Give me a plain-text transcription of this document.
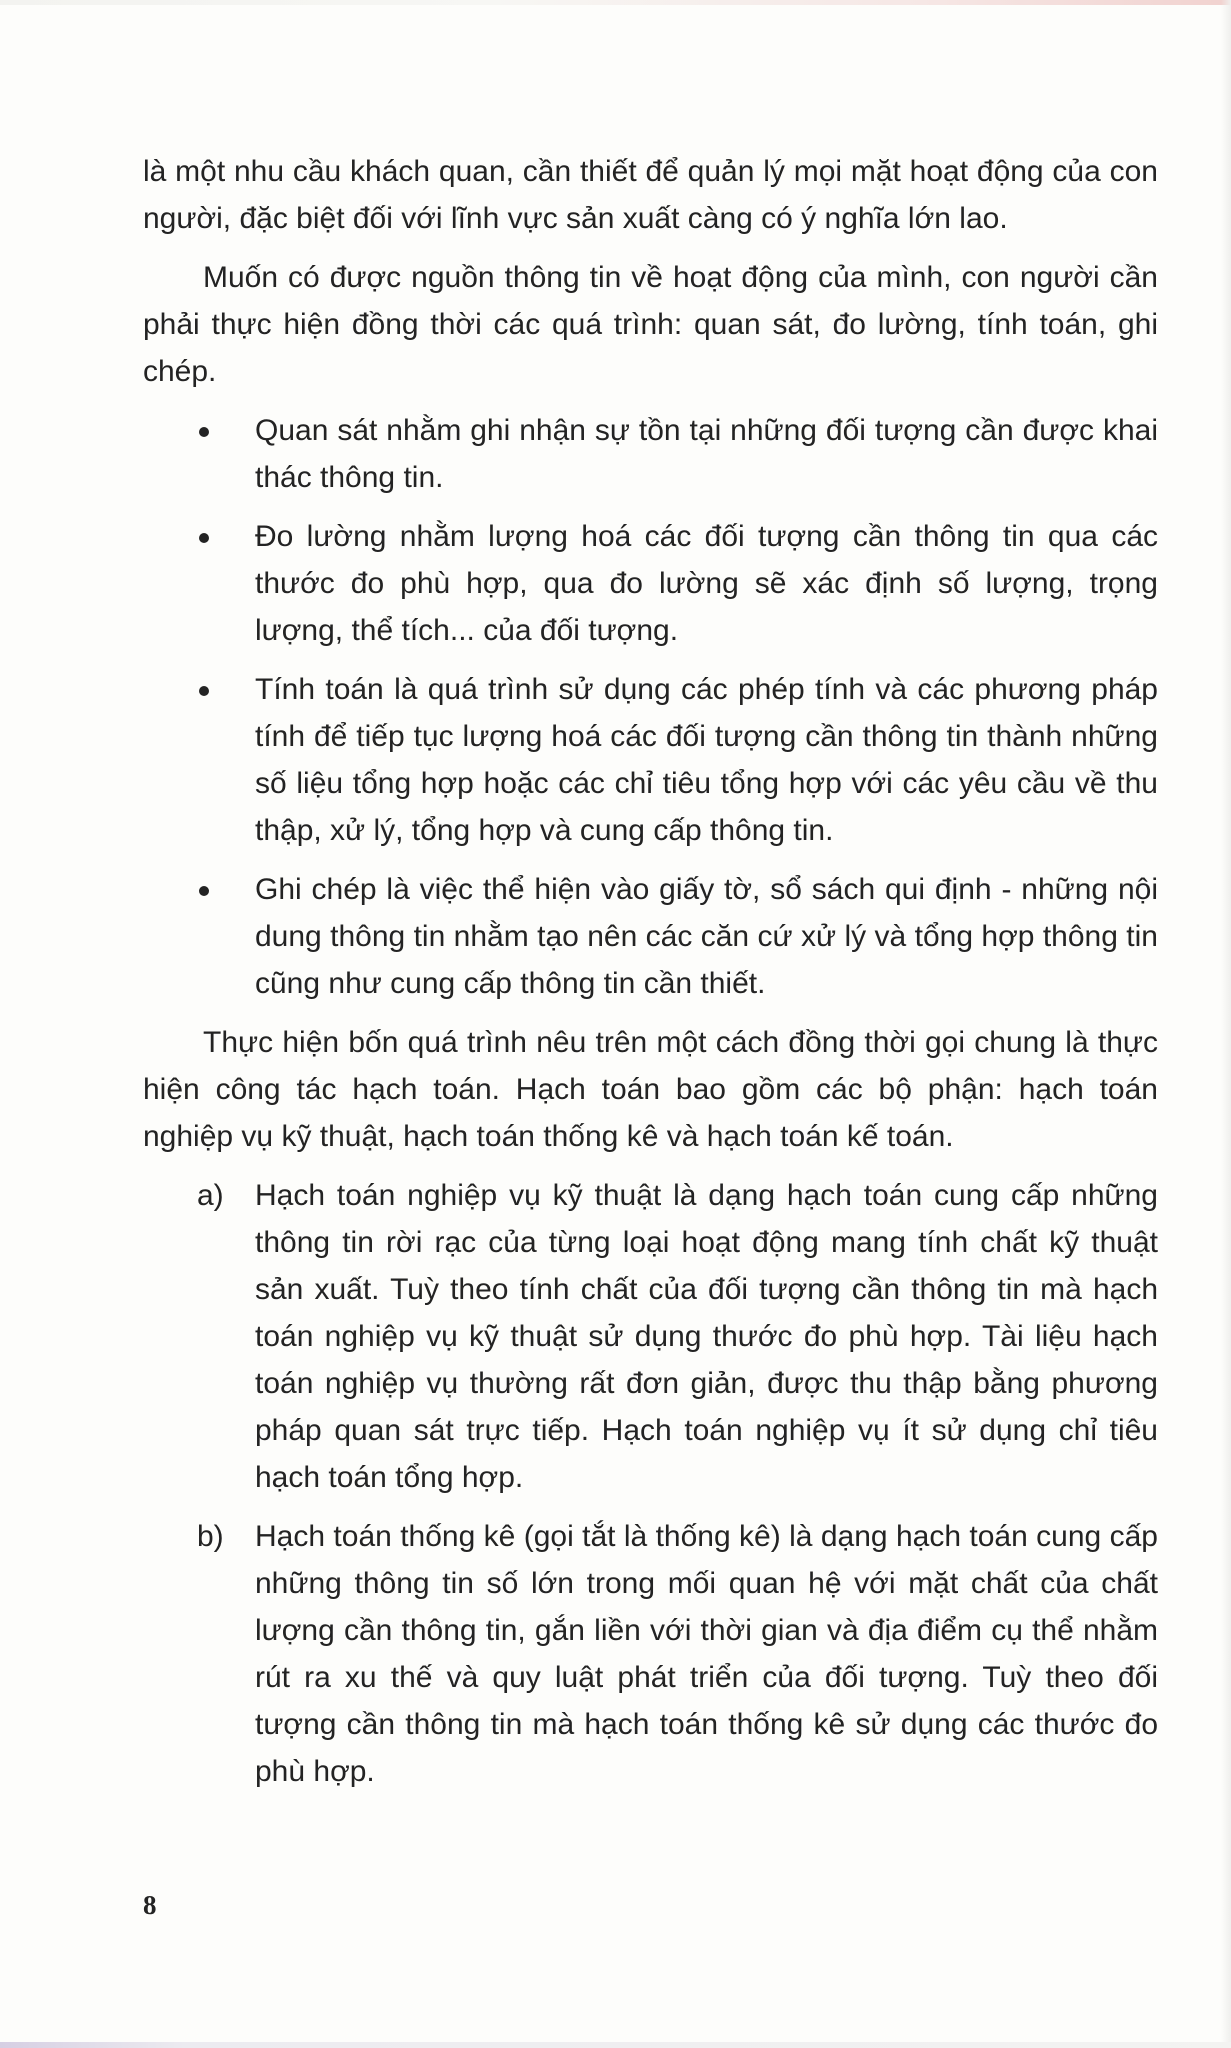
là một nhu cầu khách quan, cần thiết để quản lý mọi mặt hoạt động của con người, đặc biệt đối với lĩnh vực sản xuất càng có ý nghĩa lớn lao.

Muốn có được nguồn thông tin về hoạt động của mình, con người cần phải thực hiện đồng thời các quá trình: quan sát, đo lường, tính toán, ghi chép.

Quan sát nhằm ghi nhận sự tồn tại những đối tượng cần được khai thác thông tin.

Đo lường nhằm lượng hoá các đối tượng cần thông tin qua các thước đo phù hợp, qua đo lường sẽ xác định số lượng, trọng lượng, thể tích... của đối tượng.

Tính toán là quá trình sử dụng các phép tính và các phương pháp tính để tiếp tục lượng hoá các đối tượng cần thông tin thành những số liệu tổng hợp hoặc các chỉ tiêu tổng hợp với các yêu cầu về thu thập, xử lý, tổng hợp và cung cấp thông tin.

Ghi chép là việc thể hiện vào giấy tờ, sổ sách qui định - những nội dung thông tin nhằm tạo nên các căn cứ xử lý và tổng hợp thông tin cũng như cung cấp thông tin cần thiết.

Thực hiện bốn quá trình nêu trên một cách đồng thời gọi chung là thực hiện công tác hạch toán. Hạch toán bao gồm các bộ phận: hạch toán nghiệp vụ kỹ thuật, hạch toán thống kê và hạch toán kế toán.

a) Hạch toán nghiệp vụ kỹ thuật là dạng hạch toán cung cấp những thông tin rời rạc của từng loại hoạt động mang tính chất kỹ thuật sản xuất. Tuỳ theo tính chất của đối tượng cần thông tin mà hạch toán nghiệp vụ kỹ thuật sử dụng thước đo phù hợp. Tài liệu hạch toán nghiệp vụ thường rất đơn giản, được thu thập bằng phương pháp quan sát trực tiếp. Hạch toán nghiệp vụ ít sử dụng chỉ tiêu hạch toán tổng hợp.

b) Hạch toán thống kê (gọi tắt là thống kê) là dạng hạch toán cung cấp những thông tin số lớn trong mối quan hệ với mặt chất của chất lượng cần thông tin, gắn liền với thời gian và địa điểm cụ thể nhằm rút ra xu thế và quy luật phát triển của đối tượng. Tuỳ theo đối tượng cần thông tin mà hạch toán thống kê sử dụng các thước đo phù hợp.

8
